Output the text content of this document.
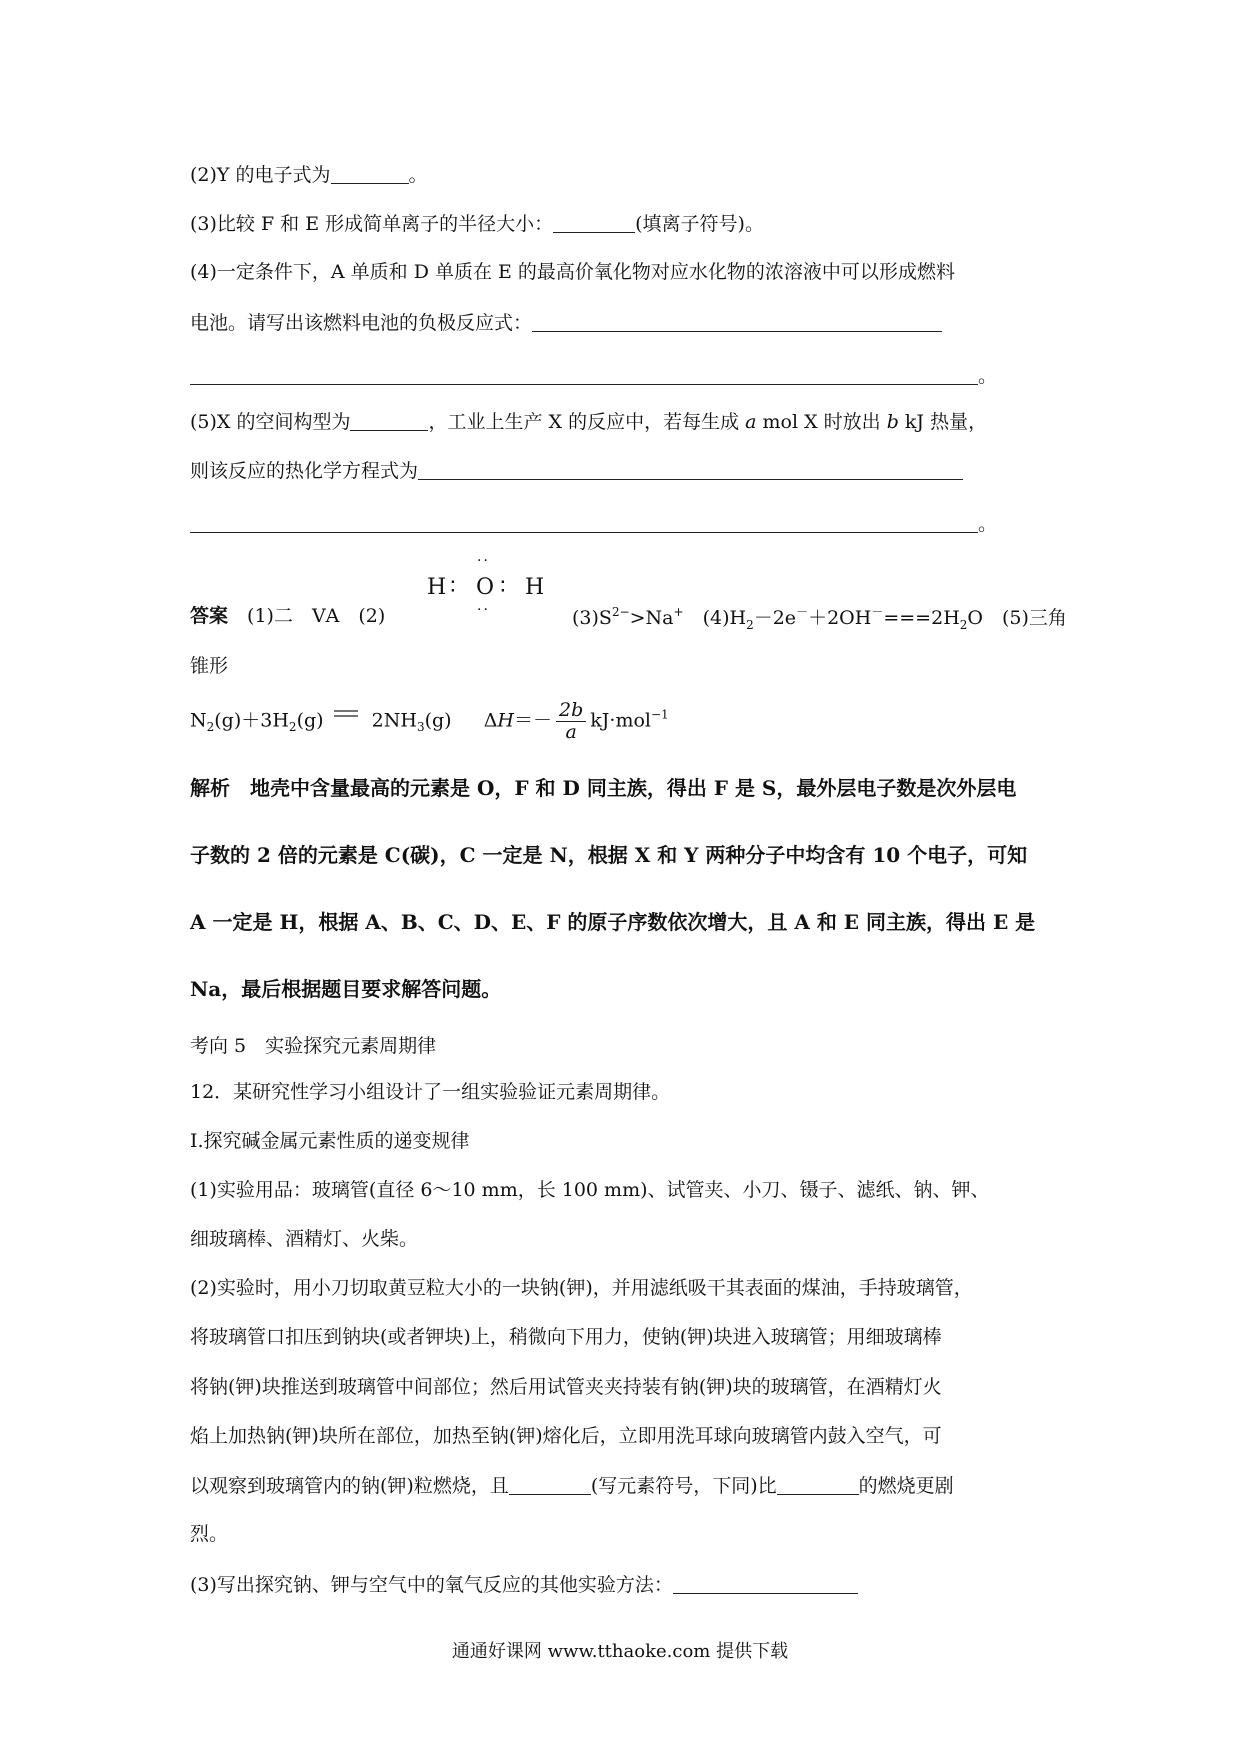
(2)Y 的电子式为	。
(3)比较 F 和 E 形成简单离子的半径大小：	(填离子符号)。
(4)一定条件下，A 单质和 D 单质在 E 的最高价氧化物对应水化物的浓溶液中可以形成燃料
电池。请写出该燃料电池的负极反应式：
。
(5)X 的空间构型为	，工业上生产 X 的反应中，若每生成 a mol X 时放出 b kJ 热量，
则该反应的热化学方程式为
。
··
H ∶ O ∶ H
··
答案　 (1)二　ⅤA　(2)	$(3)S^{2-}>Na^+$　 $(4)H_2-2e^-+2OH^-===2H_2O$　(5)三角
锥形
$N_2(g)+3H_2(g)$	$2NH_3(g)$ $\Delta H=- \frac{2b}{a} kJ\cdot mol^{-1}$
解析　地壳中含量最高的元素是 O，F 和 D 同主族，得出 F 是 S，最外层电子数是次外层电
子数的 2 倍的元素是 C(碳)，C 一定是 N，根据 X 和 Y 两种分子中均含有 10 个电子，可知
A 一定是 H，根据 A、B、C、D、E、F 的原子序数依次增大，且 A 和 E 同主族，得出 E 是
Na，最后根据题目要求解答问题。
考向 5　实验探究元素周期律
12．某研究性学习小组设计了一组实验验证元素周期律。
Ⅰ.探究碱金属元素性质的递变规律
(1)实验用品：玻璃管(直径 6～10 mm，长 100 mm)、试管夹、小刀、镊子、滤纸、钠、钾、
细玻璃棒、酒精灯、火柴。
(2)实验时，用小刀切取黄豆粒大小的一块钠(钾)，并用滤纸吸干其表面的煤油，手持玻璃管，
将玻璃管口扣压到钠块(或者钾块)上，稍微向下用力，使钠(钾)块进入玻璃管；用细玻璃棒
将钠(钾)块推送到玻璃管中间部位；然后用试管夹夹持装有钠(钾)块的玻璃管，在酒精灯火
焰上加热钠(钾)块所在部位，加热至钠(钾)熔化后，立即用洗耳球向玻璃管内鼓入空气，可
以观察到玻璃管内的钠(钾)粒燃烧，且	(写元素符号，下同)比	的燃烧更剧
烈。
(3)写出探究钠、钾与空气中的氧气反应的其他实验方法：
通通好课网 www.tthaoke.com 提供下载
